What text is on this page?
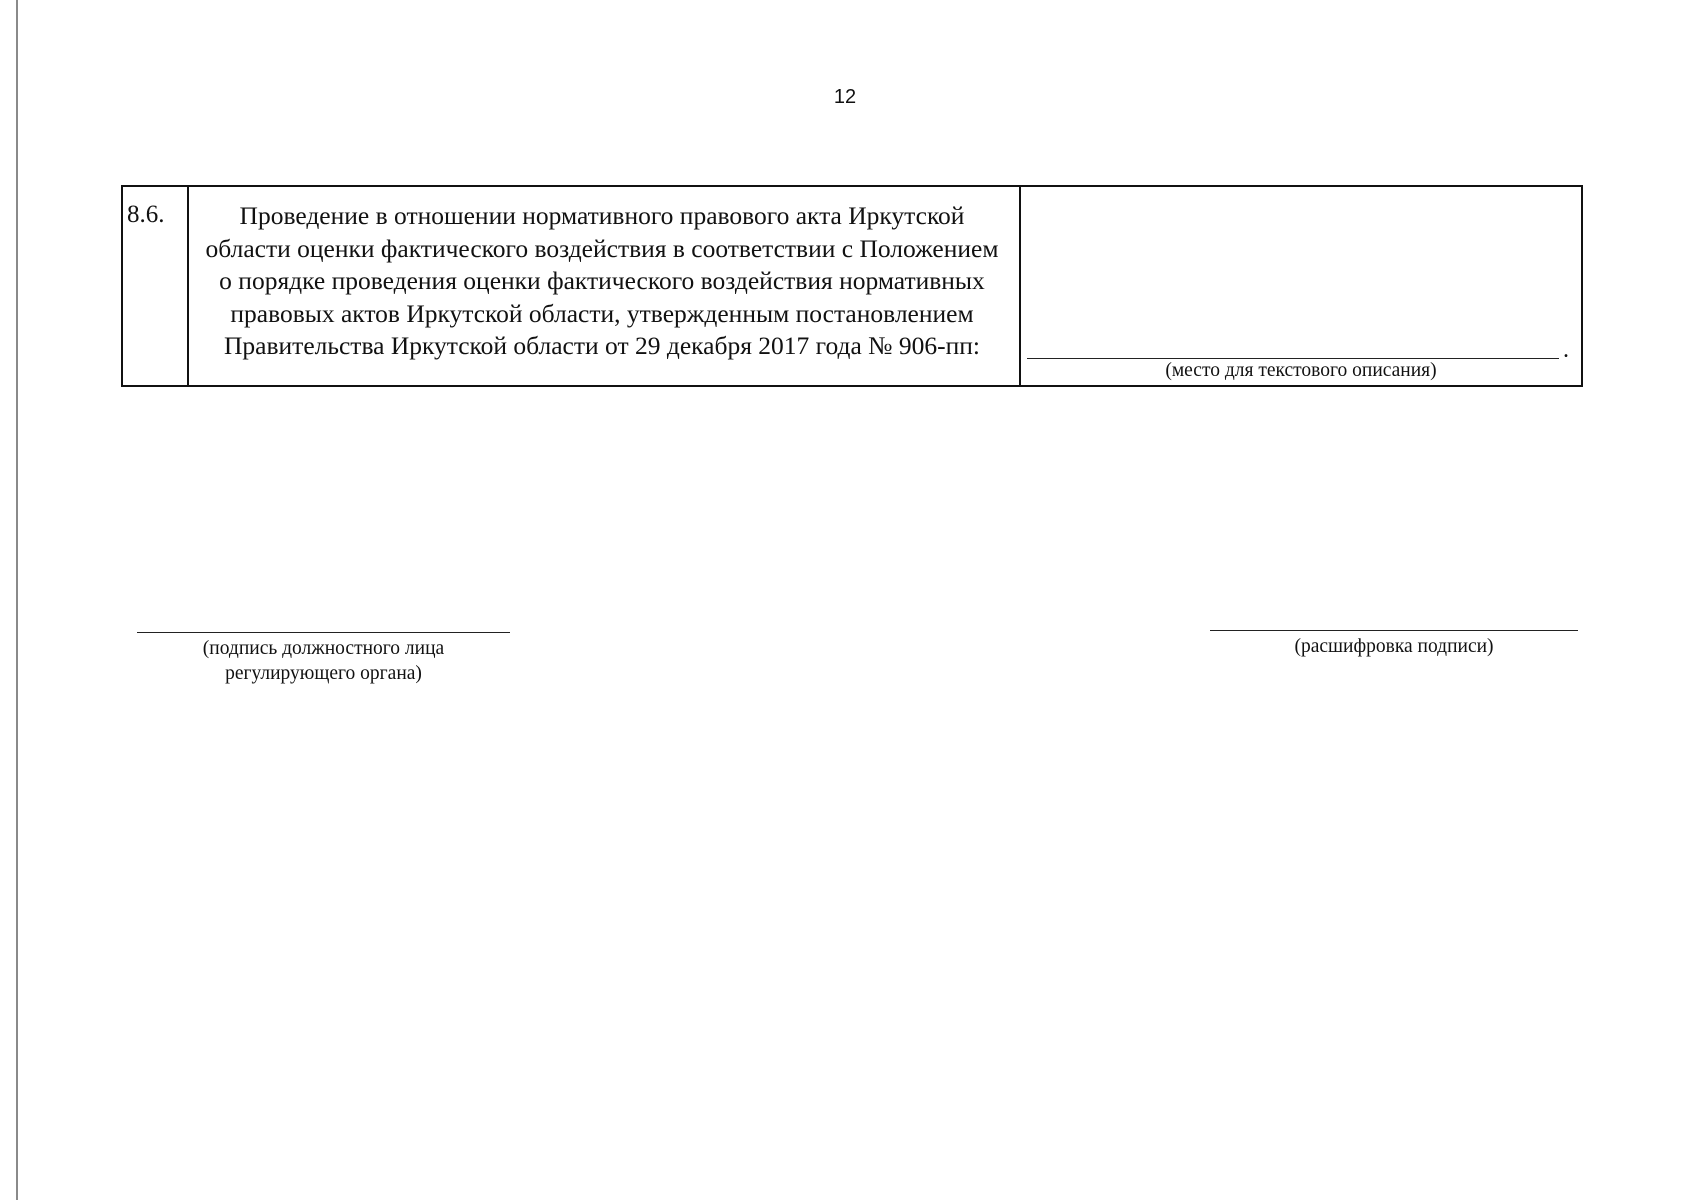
12
8.6.	Проведение в отношении нормативного правового акта Иркутской области оценки фактического воздействия в соответствии с Положением о порядке проведения оценки фактического воздействия нормативных правовых актов Иркутской области, утвержденным постановлением Правительства Иркутской области от 29 декабря 2017 года № 906-пп:	.
(место для текстового описания)
(подпись должностного лица
регулирующего органа)
(расшифровка подписи)
